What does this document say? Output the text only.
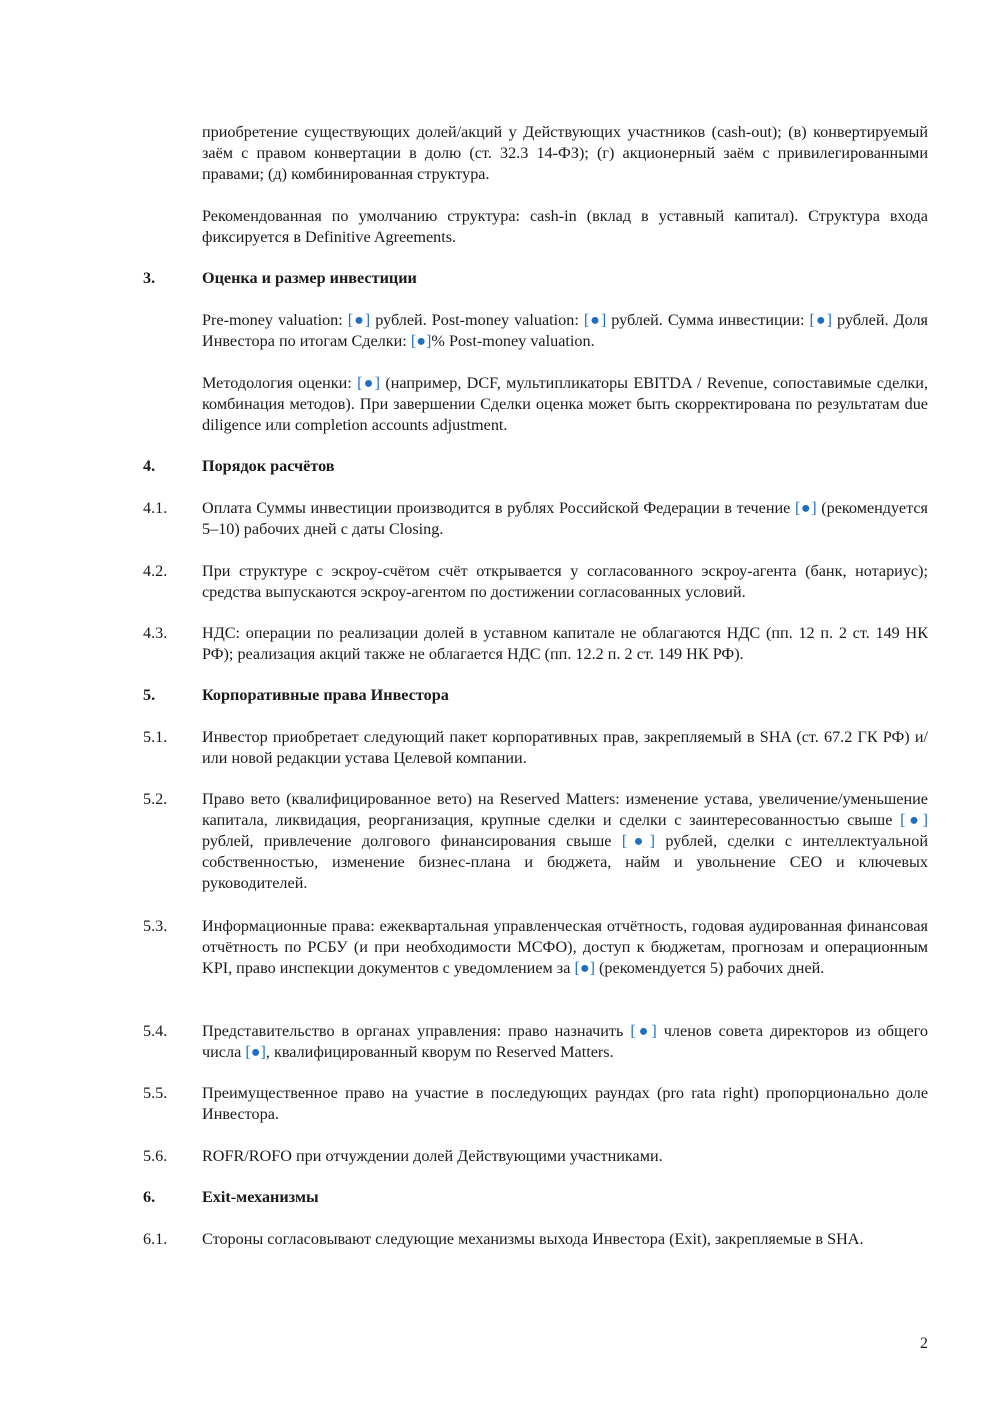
приобретение существующих долей/акций у Действующих участников (cash-out); (в) конвертируемый заём с правом конвертации в долю (ст. 32.3 14-ФЗ); (г) акционерный заём с привилегированными правами; (д) комбинированная структура.
Рекомендованная по умолчанию структура: cash-in (вклад в уставный капитал). Структура входа фиксируется в Definitive Agreements.
3.	Оценка и размер инвестиции
Pre-money valuation: [●] рублей. Post-money valuation: [●] рублей. Сумма инвестиции: [●] рублей. Доля Инвестора по итогам Сделки: [●]% Post-money valuation.
Методология оценки: [●] (например, DCF, мультипликаторы EBITDA / Revenue, сопоставимые сделки, комбинация методов). При завершении Сделки оценка может быть скорректирована по результатам due diligence или completion accounts adjustment.
4.	Порядок расчётов
4.1.	Оплата Суммы инвестиции производится в рублях Российской Федерации в течение [●] (рекомендуется 5–10) рабочих дней с даты Closing.
4.2.	При структуре с эскроу-счётом счёт открывается у согласованного эскроу-агента (банк, нотариус); средства выпускаются эскроу-агентом по достижении согласованных условий.
4.3.	НДС: операции по реализации долей в уставном капитале не облагаются НДС (пп. 12 п. 2 ст. 149 НК РФ); реализация акций также не облагается НДС (пп. 12.2 п. 2 ст. 149 НК РФ).
5.	Корпоративные права Инвестора
5.1.	Инвестор приобретает следующий пакет корпоративных прав, закрепляемый в SHA (ст. 67.2 ГК РФ) и/или новой редакции устава Целевой компании.
5.2.	Право вето (квалифицированное вето) на Reserved Matters: изменение устава, увеличение/уменьшение капитала, ликвидация, реорганизация, крупные сделки и сделки с заинтересованностью свыше [●] рублей, привлечение долгового финансирования свыше [●] рублей, сделки с интеллектуальной собственностью, изменение бизнес-плана и бюджета, найм и увольнение CEO и ключевых руководителей.
5.3.	Информационные права: ежеквартальная управленческая отчётность, годовая аудированная финансовая отчётность по РСБУ (и при необходимости МСФО), доступ к бюджетам, прогнозам и операционным KPI, право инспекции документов с уведомлением за [●] (рекомендуется 5) рабочих дней.
5.4.	Представительство в органах управления: право назначить [●] членов совета директоров из общего числа [●], квалифицированный кворум по Reserved Matters.
5.5.	Преимущественное право на участие в последующих раундах (pro rata right) пропорционально доле Инвестора.
5.6.	ROFR/ROFO при отчуждении долей Действующими участниками.
6.	Exit-механизмы
6.1.	Стороны согласовывают следующие механизмы выхода Инвестора (Exit), закрепляемые в SHA.
2
